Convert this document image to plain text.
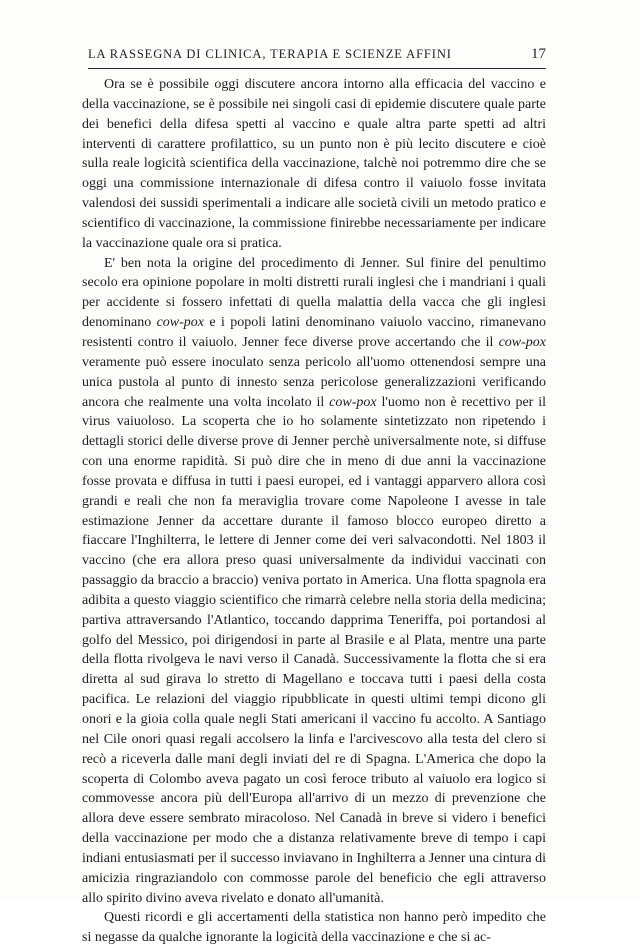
LA RASSEGNA DI CLINICA, TERAPIA E SCIENZE AFFINI	17

Ora se è possibile oggi discutere ancora intorno alla efficacia del vaccino e della vaccinazione, se è possibile nei singoli casi di epidemie discutere quale parte dei benefici della difesa spetti al vaccino e quale altra parte spetti ad altri interventi di carattere profilattico, su un punto non è più lecito discutere e cioè sulla reale logicità scientifica della vaccinazione, talchè noi potremmo dire che se oggi una commissione internazionale di difesa contro il vaiuolo fosse invitata valendosi dei sussidi sperimentali a indicare alle società civili un metodo pratico e scientifico di vaccinazione, la commissione finirebbe necessariamente per indicare la vaccinazione quale ora si pratica.

E' ben nota la origine del procedimento di Jenner. Sul finire del penultimo secolo era opinione popolare in molti distretti rurali inglesi che i mandriani i quali per accidente si fossero infettati di quella malattia della vacca che gli inglesi denominano cow-pox e i popoli latini denominano vaiuolo vaccino, rimanevano resistenti contro il vaiuolo. Jenner fece diverse prove accertando che il cow-pox veramente può essere inoculato senza pericolo all'uomo ottenendosi sempre una unica pustola al punto di innesto senza pericolose generalizzazioni verificando ancora che realmente una volta incolato il cow-pox l'uomo non è recettivo per il virus vaiuoloso. La scoperta che io ho solamente sintetizzato non ripetendo i dettagli storici delle diverse prove di Jenner perchè universalmente note, si diffuse con una enorme rapidità. Si può dire che in meno di due anni la vaccinazione fosse provata e diffusa in tutti i paesi europei, ed i vantaggi apparvero allora così grandi e reali che non fa meraviglia trovare come Napoleone I avesse in tale estimazione Jenner da accettare durante il famoso blocco europeo diretto a fiaccare l'Inghilterra, le lettere di Jenner come dei veri salvacondotti. Nel 1803 il vaccino (che era allora preso quasi universalmente da individui vaccinati con passaggio da braccio a braccio) veniva portato in America. Una flotta spagnola era adibita a questo viaggio scientifico che rimarrà celebre nella storia della medicina; partiva attraversando l'Atlantico, toccando dapprima Teneriffa, poi portandosi al golfo del Messico, poi dirigendosi in parte al Brasile e al Plata, mentre una parte della flotta rivolgeva le navi verso il Canadà. Successivamente la flotta che si era diretta al sud girava lo stretto di Magellano e toccava tutti i paesi della costa pacifica. Le relazioni del viaggio ripubblicate in questi ultimi tempi dicono gli onori e la gioia colla quale negli Stati americani il vaccino fu accolto. A Santiago nel Cile onori quasi regali accolsero la linfa e l'arcivescovo alla testa del clero si recò a riceverla dalle mani degli inviati del re di Spagna. L'America che dopo la scoperta di Colombo aveva pagato un così feroce tributo al vaiuolo era logico si commovesse ancora più dell'Europa all'arrivo di un mezzo di prevenzione che allora deve essere sembrato miracoloso. Nel Canadà in breve si videro i benefici della vaccinazione per modo che a distanza relativamente breve di tempo i capi indiani entusiasmati per il successo inviavano in Inghilterra a Jenner una cintura di amicizia ringraziandolo con commosse parole del beneficio che egli attraverso allo spirito divino aveva rivelato e donato all'umanità.

Questi ricordi e gli accertamenti della statistica non hanno però impedito che si negasse da qualche ignorante la logicità della vaccinazione e che si ac-
